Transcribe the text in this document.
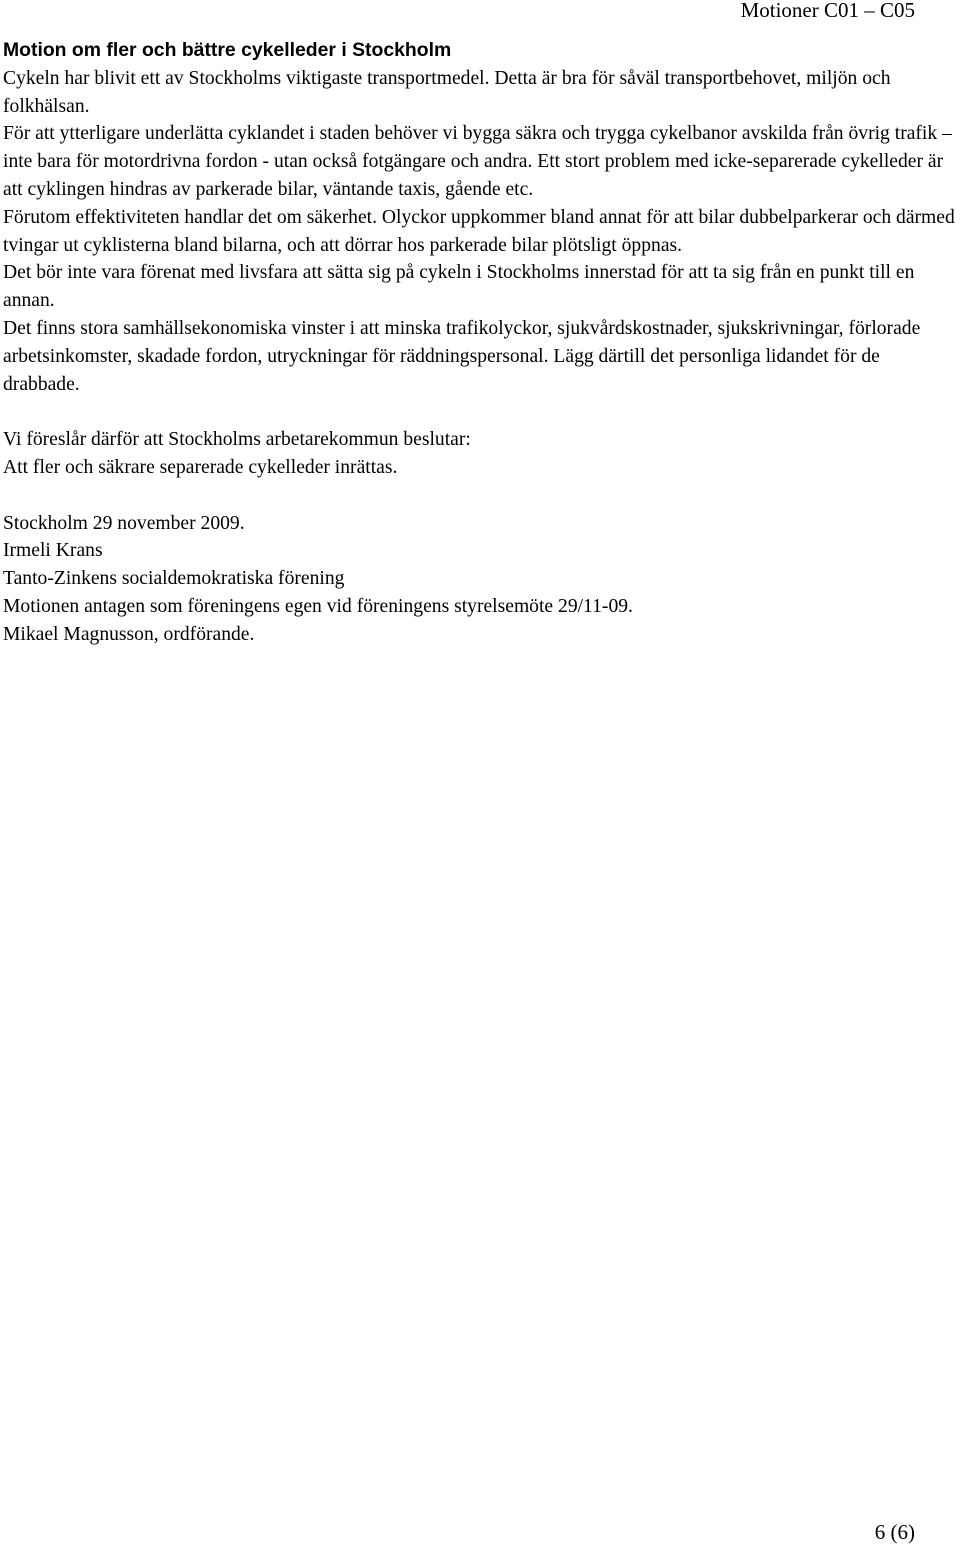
Motioner C01 – C05
Motion om fler och bättre cykelleder i Stockholm
Cykeln har blivit ett av Stockholms viktigaste transportmedel. Detta är bra för såväl transportbehovet, miljön och folkhälsan.
För att ytterligare underlätta cyklandet i staden behöver vi bygga säkra och trygga cykelbanor avskilda från övrig trafik – inte bara för motordrivna fordon - utan också fotgängare och andra. Ett stort problem med icke-separerade cykelleder är att cyklingen hindras av parkerade bilar, väntande taxis, gående etc.
Förutom effektiviteten handlar det om säkerhet. Olyckor uppkommer bland annat för att bilar dubbelparkerar och därmed tvingar ut cyklisterna bland bilarna, och att dörrar hos parkerade bilar plötsligt öppnas.
Det bör inte vara förenat med livsfara att sätta sig på cykeln i Stockholms innerstad för att ta sig från en punkt till en annan.
Det finns stora samhällsekonomiska vinster i att minska trafikolyckor, sjukvårdskostnader, sjukskrivningar, förlorade arbetsinkomster, skadade fordon, utryckningar för räddningspersonal. Lägg därtill det personliga lidandet för de drabbade.
Vi föreslår därför att Stockholms arbetarekommun beslutar:
Att fler och säkrare separerade cykelleder inrättas.
Stockholm 29 november 2009.
Irmeli Krans
Tanto-Zinkens socialdemokratiska förening
Motionen antagen som föreningens egen vid föreningens styrelsemöte 29/11-09.
Mikael Magnusson, ordförande.
6 (6)
